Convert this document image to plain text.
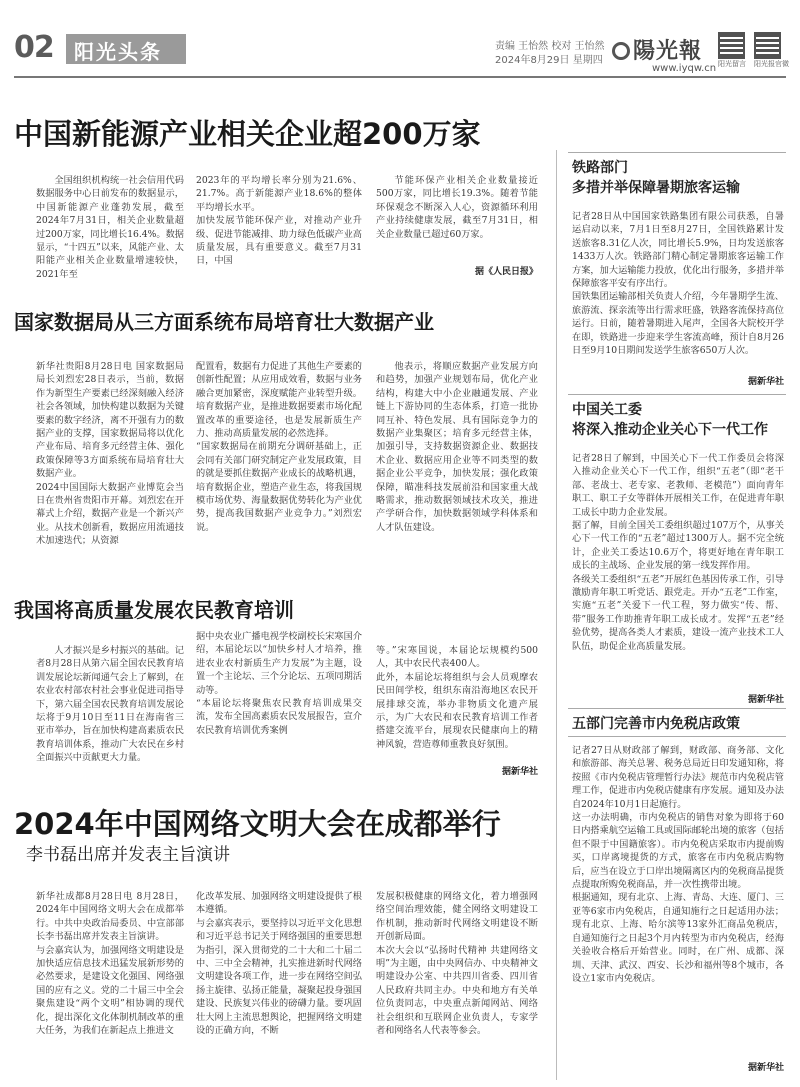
02	阳光头条	责编 王怡然 校对 王怡然
2024年8月29日 星期四	陽光報
www.iyqw.cn 阳光留言 阳光报官微
中国新能源产业相关企业超200万家

全国组织机构统一社会信用代码数据服务中心日前发布的数据显示，中国新能源产业蓬勃发展，截至2024年7月31日，相关企业数量超过200万家，同比增长16.4%。数据显示，“十四五”以来，风能产业、太阳能产业相关企业数量增速较快，2021年至

2023年的平均增长率分别为21.6%、21.7%。高于新能源产业18.6%的整体平均增长水平。
加快发展节能环保产业，对推动产业升级、促进节能减排、助力绿色低碳产业高质量发展，具有重要意义。截至7月31日，中国

节能环保产业相关企业数量接近500万家，同比增长19.3%。随着节能环保观念不断深入人心，资源循环利用产业持续健康发展，截至7月31日，相关企业数量已超过60万家。

据《人民日报》
国家数据局从三方面系统布局培育壮大数据产业
新华社贵阳8月28日电 国家数据局局长刘烈宏28日表示，当前，数据作为新型生产要素已经深刻融入经济社会各领域，加快构建以数据为关键要素的数字经济，离不开强有力的数据产业的支撑，国家数据局将以优化产业布局、培育多元经营主体、强化政策保障等3方面系统布局培育壮大数据产业。
2024中国国际大数据产业博览会当日在贵州省贵阳市开幕。刘烈宏在开幕式上介绍，数据产业是一个新兴产业。从技术创新看，数据应用流通技术加速迭代；从资源
配置看，数据有力促进了其他生产要素的创新性配置；从应用成效看，数据与业务融合更加紧密，深度赋能产业转型升级。培育数据产业，是推进数据要素市场化配置改革的重要途径，也是发展新质生产力、推动高质量发展的必然选择。
“国家数据局在前期充分调研基础上，正会同有关部门研究制定产业发展政策，目的就是要抓住数据产业成长的战略机遇，培育数据企业，塑造产业生态，将我国规模市场优势、海量数据优势转化为产业优势，提高我国数据产业竞争力。”刘烈宏说。

他表示，将顺应数据产业发展方向和趋势，加强产业规划布局，优化产业结构，构建大中小企业融通发展、产业链上下游协同的生态体系，打造一批协同互补、特色发展、具有国际竞争力的数据产业集聚区；培育多元经营主体，加强引导，支持数据资源企业、数据技术企业、数据应用企业等不同类型的数据企业公平竞争，加快发展；强化政策保障，瞄准科技发展前沿和国家重大战略需求，推动数据领域技术攻关，推进产学研合作，加快数据领域学科体系和人才队伍建设。

我国将高质量发展农民教育培训

人才振兴是乡村振兴的基础。记者8月28日从第六届全国农民教育培训发展论坛新闻通气会上了解到，在农业农村部农村社会事业促进司指导下，第六届全国农民教育培训发展论坛将于9月10日至11日在海南省三亚市举办，旨在加快构建高素质农民教育培训体系，推动广大农民在乡村全面振兴中贡献更大力量。

据中央农业广播电视学校副校长宋寒国介绍，本届论坛以“加快乡村人才培养，推进农业农村新质生产力发展”为主题，设置一个主论坛、三个分论坛、五项同期活动等。
“本届论坛将聚焦农民教育培训成果交流，发布全国高素质农民发展报告，宣介农民教育培训优秀案例
等。”宋寒国说，本届论坛规模约500人，其中农民代表400人。
此外，本届论坛将组织与会人员观摩农民田间学校，组织东南沿海地区农民开展排球交流，举办非物质文化遗产展示，为广大农民和农民教育培训工作者搭建交流平台，展现农民健康向上的精神风貌，营造尊师重教良好氛围。
据新华社
2024年中国网络文明大会在成都举行
李书磊出席并发表主旨演讲
新华社成都8月28日电 8月28日，2024年中国网络文明大会在成都举行。中共中央政治局委员、中宣部部长李书磊出席并发表主旨演讲。
与会嘉宾认为，加强网络文明建设是加快适应信息技术迅猛发展新形势的必然要求，是建设文化强国、网络强国的应有之义。党的二十届三中全会聚焦建设“两个文明”相协调的现代化，提出深化文化体制机制改革的重大任务，为我们在新起点上推进文
化改革发展、加强网络文明建设提供了根本遵循。
与会嘉宾表示，要坚持以习近平文化思想和习近平总书记关于网络强国的重要思想为指引，深入贯彻党的二十大和二十届二中、三中全会精神，扎实推进新时代网络文明建设各项工作，进一步在网络空间弘扬主旋律、弘扬正能量，凝聚起投身强国建设、民族复兴伟业的磅礴力量。要巩固壮大网上主流思想舆论，把握网络文明建设的正确方向，不断
发展积极健康的网络文化，着力增强网络空间治理效能，健全网络文明建设工作机制，推动新时代网络文明建设不断开创新局面。
本次大会以“弘扬时代精神 共建网络文明”为主题，由中央网信办、中央精神文明建设办公室、中共四川省委、四川省人民政府共同主办。中央和地方有关单位负责同志，中央重点新闻网站、网络社会组织和互联网企业负责人，专家学者和网络名人代表等参会。
铁路部门
多措并举保障暑期旅客运输
记者28日从中国国家铁路集团有限公司获悉，自暑运启动以来，7月1日至8月27日，全国铁路累计发送旅客8.31亿人次，同比增长5.9%，日均发送旅客1433万人次。铁路部门精心制定暑期旅客运输工作方案，加大运输能力投放，优化出行服务，多措并举保障旅客平安有序出行。
国铁集团运输部相关负责人介绍，今年暑期学生流、旅游流、探亲流等出行需求旺盛，铁路客流保持高位运行。日前，随着暑期进入尾声，全国各大院校开学在即，铁路进一步迎来学生客流高峰，预计自8月26日至9月10日期间发送学生旅客650万人次。
据新华社
中国关工委
将深入推动企业关心下一代工作
记者28日了解到，中国关心下一代工作委员会将深入推动企业关心下一代工作，组织“五老”（即“老干部、老战士、老专家、老教师、老模范”）面向青年职工、职工子女等群体开展相关工作，在促进青年职工成长中助力企业发展。
据了解，目前全国关工委组织超过107万个，从事关心下一代工作的“五老”超过1300万人。据不完全统计，企业关工委达10.6万个，将更好地在青年职工成长的主战场、企业发展的第一线发挥作用。
各级关工委组织“五老”开展红色基因传承工作，引导激励青年职工听党话、跟党走。开办“五老”工作室，实施“五老”关爱下一代工程，努力做实“传、帮、带”服务工作助推青年职工成长成才。发挥“五老”经验优势，提高各类人才素质，建设一流产业技术工人队伍，助促企业高质量发展。
据新华社
五部门完善市内免税店政策
记者27日从财政部了解到，财政部、商务部、文化和旅游部、海关总署、税务总局近日印发通知称，将按照《市内免税店管理暂行办法》规范市内免税店管理工作，促进市内免税店健康有序发展。通知及办法自2024年10月1日起施行。
这一办法明确，市内免税店的销售对象为即将于60日内搭乘航空运输工具或国际邮轮出境的旅客（包括但不限于中国籍旅客）。市内免税店采取市内提前购买，口岸离境提货的方式，旅客在市内免税店购物后，应当在设立于口岸出境隔离区内的免税商品提货点提取所购免税商品，并一次性携带出境。
根据通知，现有北京、上海、青岛、大连、厦门、三亚等6家市内免税店，自通知施行之日起适用办法；现有北京、上海、哈尔滨等13家外汇商品免税店，自通知施行之日起3个月内转型为市内免税店，经海关验收合格后开始营业。同时，在广州、成都、深圳、天津、武汉、西安、长沙和福州等8个城市，各设立1家市内免税店。
据新华社
